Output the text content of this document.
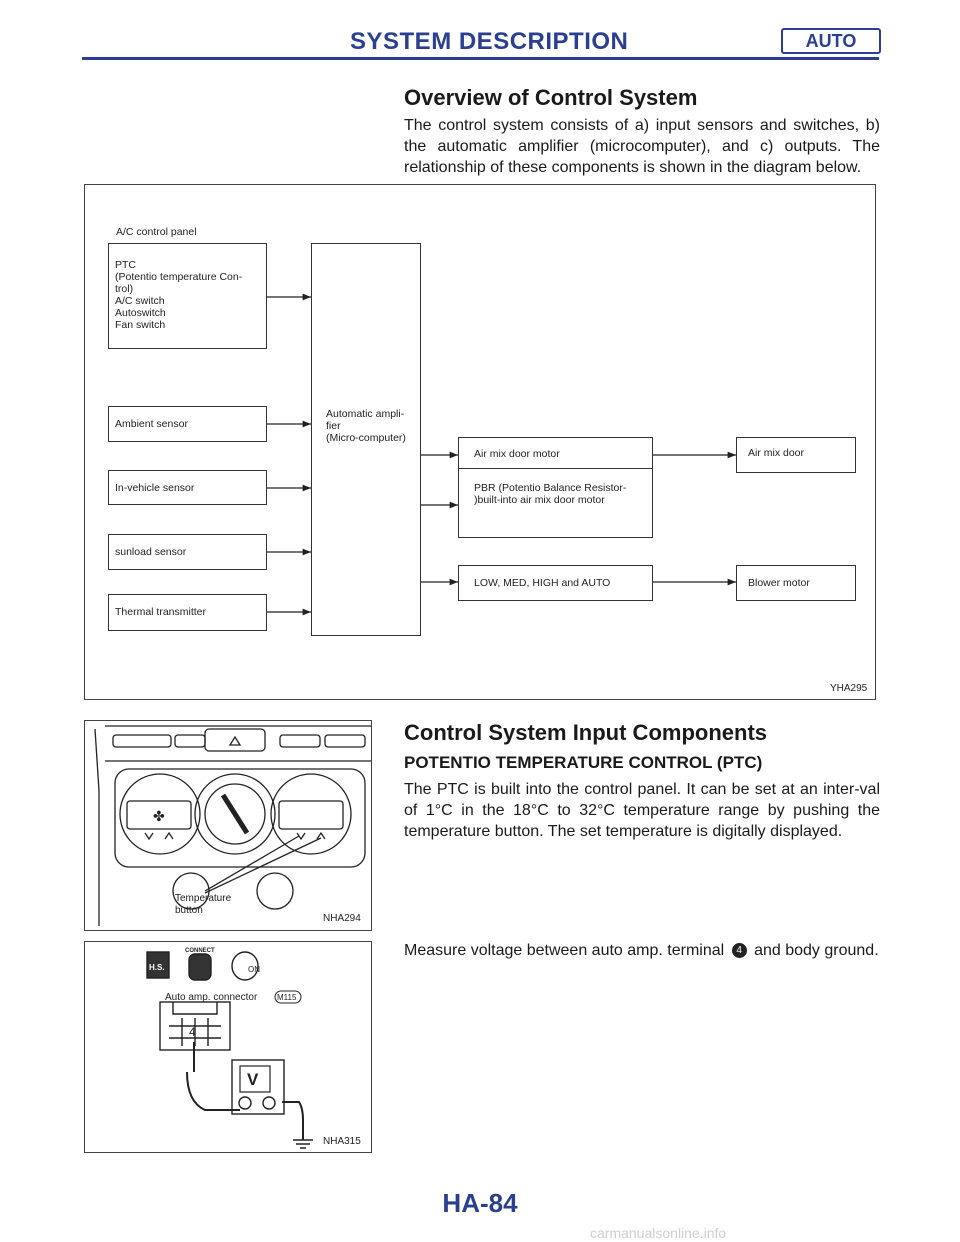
SYSTEM DESCRIPTION	AUTO
Overview of Control System

The control system consists of a) input sensors and switches, b) the automatic amplifier (microcomputer), and c) outputs. The relationship of these components is shown in the diagram below.

A/C control panel
PTC
(Potentio temperature Con-
trol)
A/C switch
Autoswitch
Fan switch
Ambient sensor
In-vehicle sensor
sunload sensor
Thermal transmitter
Automatic ampli-
fier
(Micro-computer)
Air mix door motor
PBR (Potentio Balance Resistor-
)built-into air mix door motor
LOW, MED, HIGH and AUTO
Air mix door
Blower motor
YHA295
✤
Temperature button
NHA294
H.S.
CONNECT
ON
Auto amp. connector M115
4
V
NHA315
Control System Input Components
POTENTIO TEMPERATURE CONTROL (PTC)

The PTC is built into the control panel. It can be set at an inter-val of 1°C in the 18°C to 32°C temperature range by pushing the temperature button. The set temperature is digitally displayed.

Measure voltage between auto amp. terminal 4 and body ground.

HA-84
carmanualsonline.info
